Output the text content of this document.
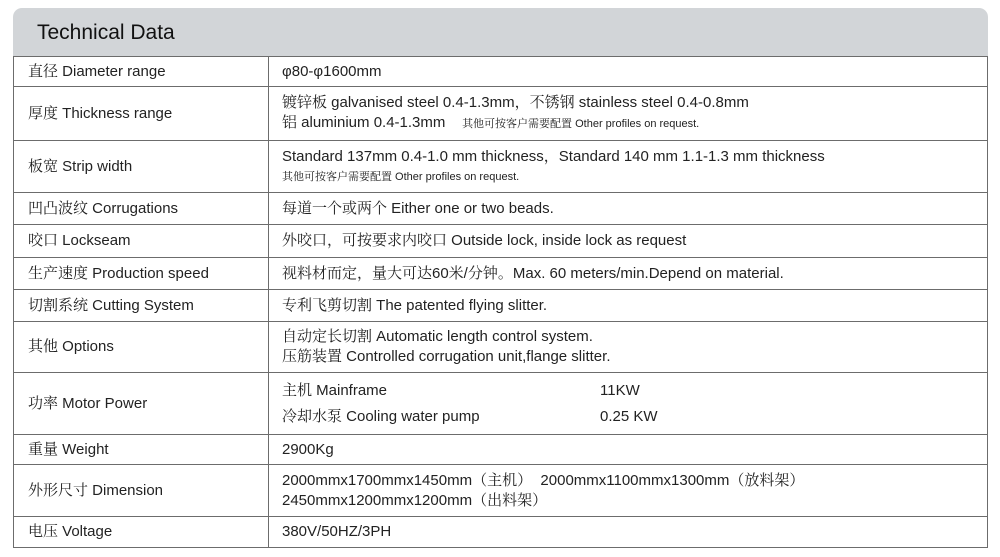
Technical Data
直径 Diameter range	φ80-φ1600mm

厚度 Thickness range	镀锌板 galvanised steel 0.4-1.3mm，不锈钢 stainless steel 0.4-0.8mm
铝 aluminium 0.4-1.3mm 其他可按客户需要配置 Other profiles on request.

板宽 Strip width	Standard 137mm 0.4-1.0 mm thickness，Standard 140 mm 1.1-1.3 mm thickness
其他可按客户需要配置 Other profiles on request.

凹凸波纹 Corrugations	每道一个或两个 Either one or two beads.

咬口 Lockseam	外咬口，可按要求内咬口 Outside lock, inside lock as request

生产速度 Production speed	视料材而定，量大可达60米/分钟。Max. 60 meters/min.Depend on material.

切割系统 Cutting System	专利飞剪切割 The patented flying slitter.

其他 Options	自动定长切割 Automatic length control system.
压筋装置 Controlled corrugation unit,flange slitter.

功率 Motor Power	主机 Mainframe 11KW
冷却水泵 Cooling water pump 0.25 KW

重量 Weight	2900Kg

外形尺寸 Dimension	2000mmx1700mmx1450mm（主机）  2000mmx1100mmx1300mm（放料架）
2450mmx1200mmx1200mm（出料架）

电压 Voltage	380V/50HZ/3PH
